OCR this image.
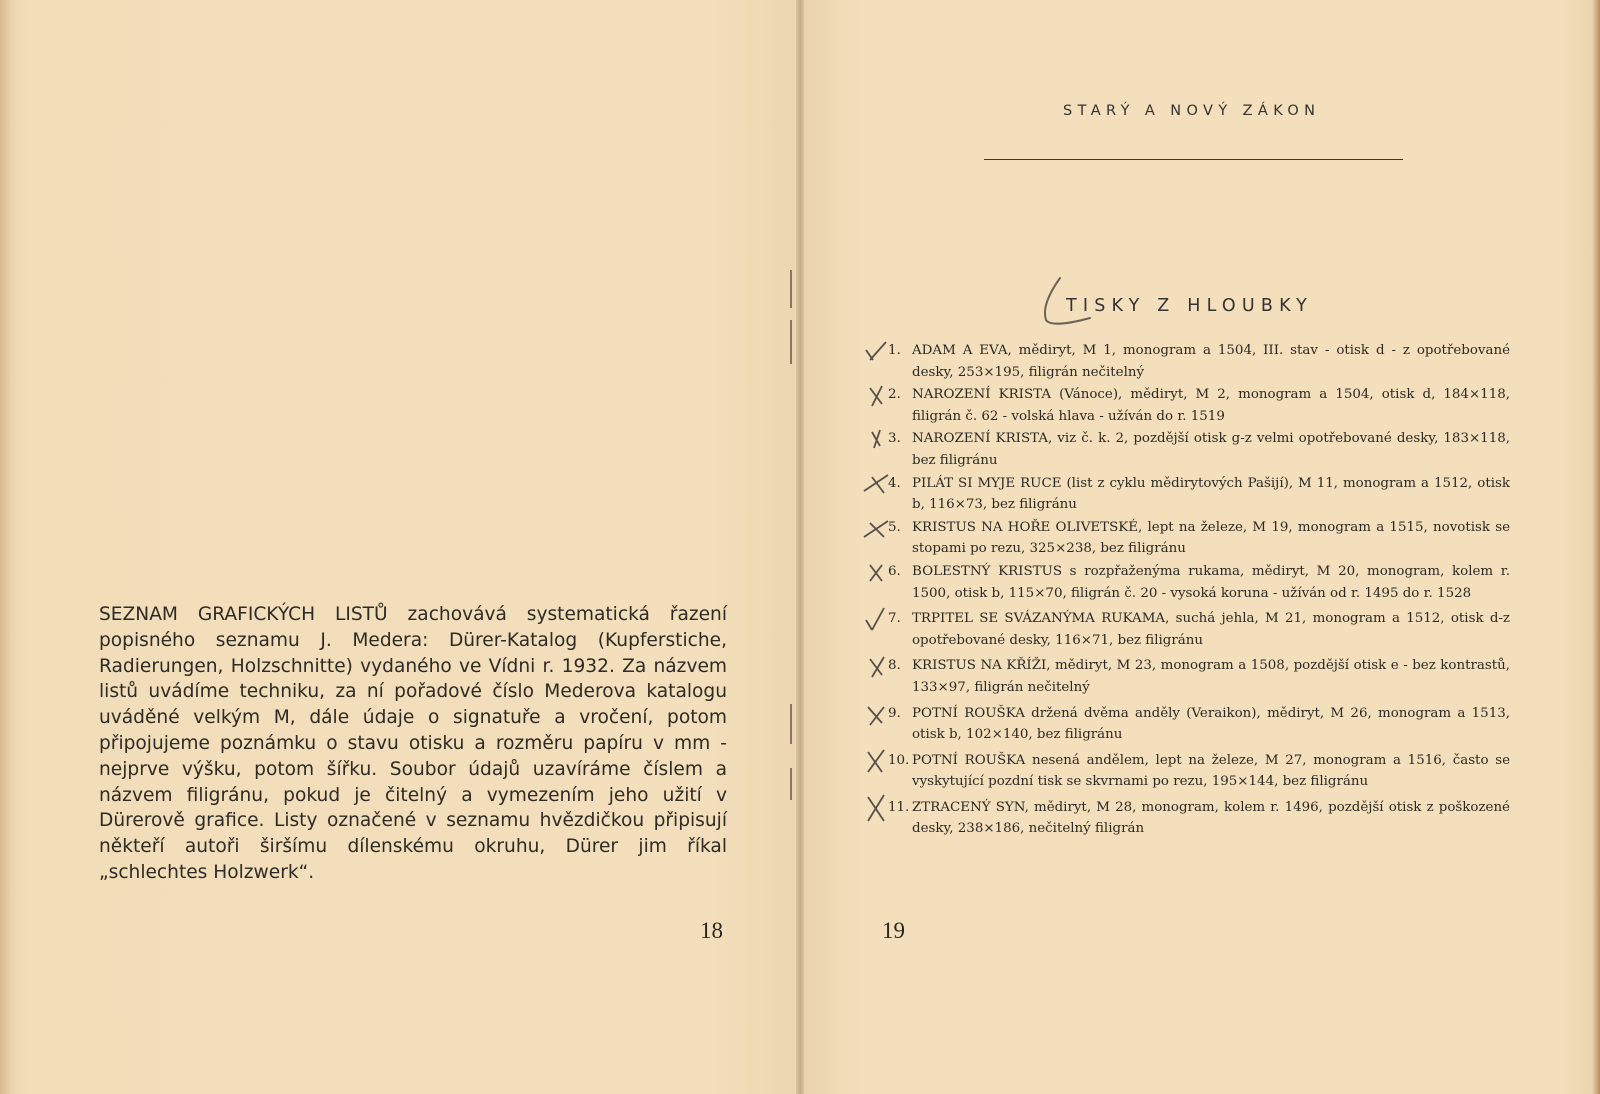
SEZNAM GRAFICKÝCH LISTŮ zachovává systematická řazení popisného seznamu J. Medera: Dürer-Katalog (Kupferstiche, Radierungen, Holzschnitte) vydaného ve Vídni r. 1932. Za názvem listů uvádíme techniku, za ní pořadové číslo Mederova katalogu uváděné velkým M, dále údaje o signatuře a vročení, potom připojujeme poznámku o stavu otisku a rozměru papíru v mm - nejprve výšku, potom šířku. Soubor údajů uzavíráme číslem a názvem filigránu, pokud je čitelný a vymezením jeho užití v Dürerově grafice. Listy označené v seznamu hvězdičkou připisují někteří autoři širšímu dílenskému okruhu, Dürer jim říkal „schlechtes Holzwerk“.

18	19
STARÝ A NOVÝ ZÁKON
TISKY Z HLOUBKY
1. ADAM A EVA, mědiryt, M 1, monogram a 1504, III. stav - otisk d - z opotřebované desky, 253×195, filigrán nečitelný
2. NAROZENÍ KRISTA (Vánoce), mědiryt, M 2, monogram a 1504, otisk d, 184×118, filigrán č. 62 - volská hlava - užíván do r. 1519
3. NAROZENÍ KRISTA, viz č. k. 2, pozdější otisk g-z velmi opotřebované desky, 183×118, bez filigránu
4. PILÁT SI MYJE RUCE (list z cyklu mědirytových Pašijí), M 11, monogram a 1512, otisk b, 116×73, bez filigránu
5. KRISTUS NA HOŘE OLIVETSKÉ, lept na železe, M 19, monogram a 1515, novotisk se stopami po rezu, 325×238, bez filigránu
6. BOLESTNÝ KRISTUS s rozpřaženýma rukama, mědiryt, M 20, monogram, kolem r. 1500, otisk b, 115×70, filigrán č. 20 - vysoká koruna - užíván od r. 1495 do r. 1528
7. TRPITEL SE SVÁZANÝMA RUKAMA, suchá jehla, M 21, monogram a 1512, otisk d-z opotřebované desky, 116×71, bez filigránu
8. KRISTUS NA KŘÍŽI, mědiryt, M 23, monogram a 1508, pozdější otisk e - bez kontrastů, 133×97, filigrán nečitelný
9. POTNÍ ROUŠKA držená dvěma anděly (Veraikon), mědiryt, M 26, monogram a 1513, otisk b, 102×140, bez filigránu
10. POTNÍ ROUŠKA nesená andělem, lept na železe, M 27, monogram a 1516, často se vyskytující pozdní tisk se skvrnami po rezu, 195×144, bez filigránu
11. ZTRACENÝ SYN, mědiryt, M 28, monogram, kolem r. 1496, pozdější otisk z poškozené desky, 238×186, nečitelný filigrán
